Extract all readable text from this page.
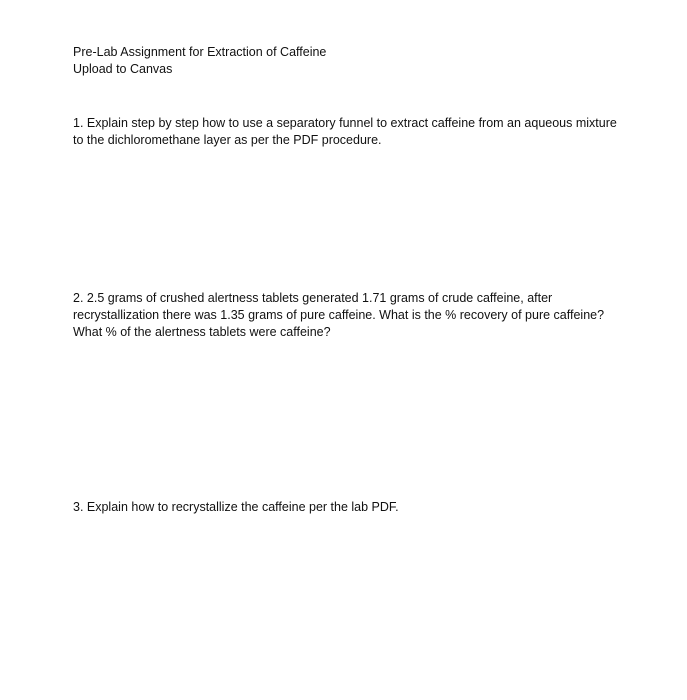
Pre-Lab Assignment for Extraction of Caffeine
Upload to Canvas

1. Explain step by step how to use a separatory funnel to extract caffeine from an aqueous mixture to the dichloromethane layer as per the PDF procedure.

2. 2.5 grams of crushed alertness tablets generated 1.71 grams of crude caffeine, after recrystallization there was 1.35 grams of pure caffeine. What is the % recovery of pure caffeine? What % of the alertness tablets were caffeine?

3. Explain how to recrystallize the caffeine per the lab PDF.
